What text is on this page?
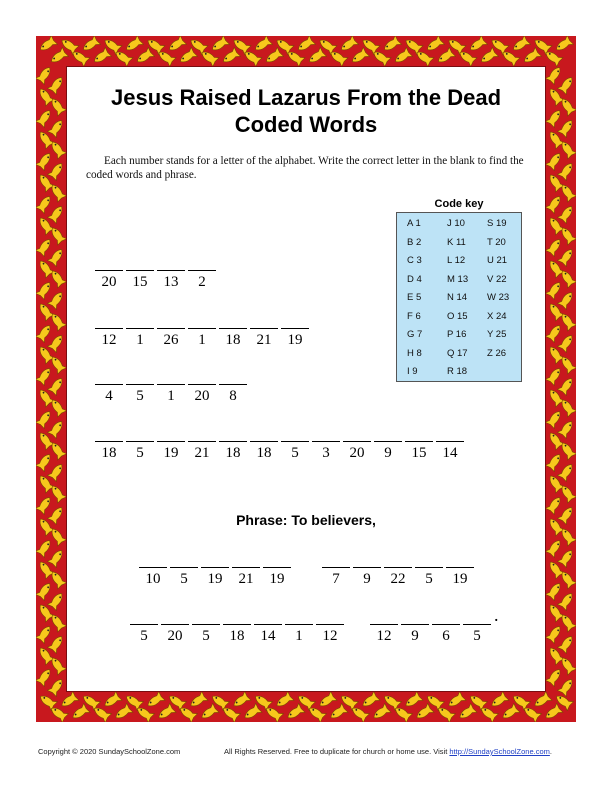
Jesus Raised Lazarus From the Dead
Coded Words
Each number stands for a letter of the alphabet. Write the correct letter in the blank to find the coded words and phrase.
Code key
A 1
B 2
C 3
D 4
E 5
F 6
G 7
H 8
I 9
J 10
K 11
L 12
M 13
N 14
O 15
P 16
Q 17
R 18
S 19
T 20
U 21
V 22
W 23
X 24
Y 25
Z 26
20	15	13	2
12	1	26	1	18	21	19
4	5	1	20	8
18	5	19	21	18	18	5	3	20	9	15	14
Phrase: To believers,
10	5	19	21	19	7	9	22	5	19
5	20	5	18	14	1	12	12	9	6	5
.
Copyright © 2020 SundaySchoolZone.com	All Rights Reserved. Free to duplicate for church or home use. Visit http://SundaySchoolZone.com.
